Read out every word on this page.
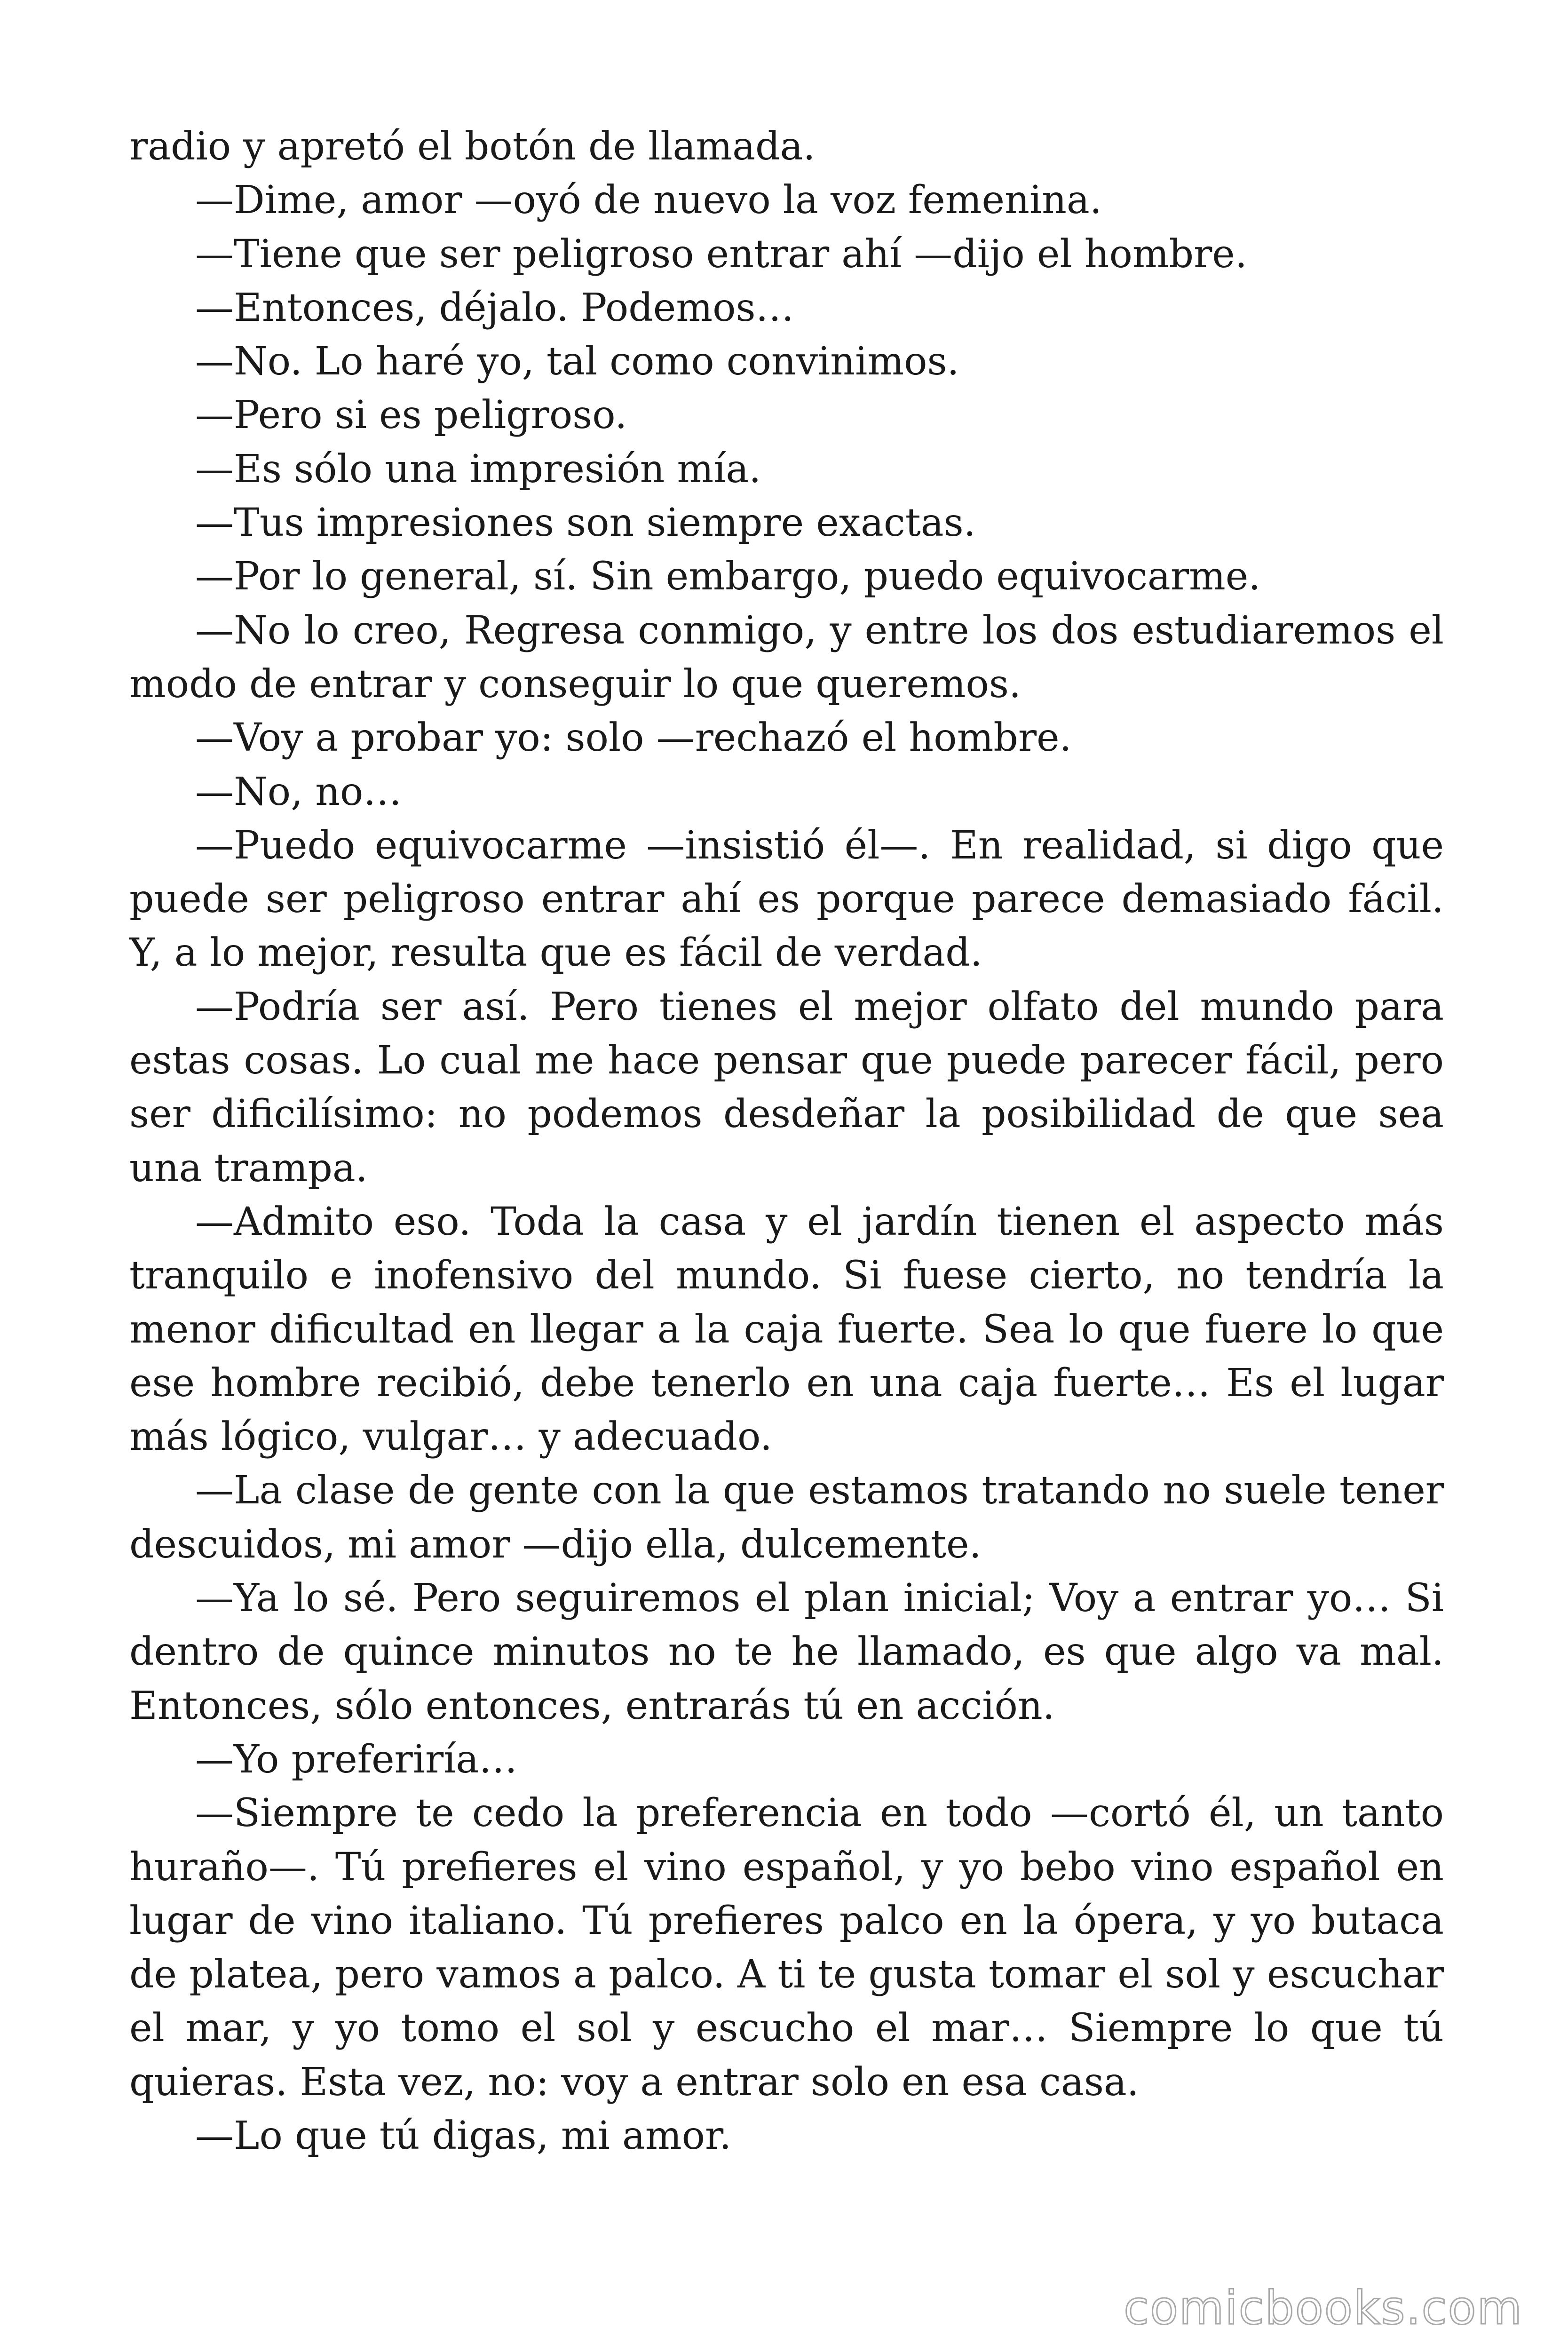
radio y apretó el botón de llamada.

—Dime, amor —oyó de nuevo la voz femenina.

—Tiene que ser peligroso entrar ahí —dijo el hombre.

—Entonces, déjalo. Podemos…

—No. Lo haré yo, tal como convinimos.

—Pero si es peligroso.

—Es sólo una impresión mía.

—Tus impresiones son siempre exactas.

—Por lo general, sí. Sin embargo, puedo equivocarme.

—No lo creo, Regresa conmigo, y entre los dos estudiaremos el modo de entrar y conseguir lo que queremos.

—Voy a probar yo: solo —rechazó el hombre.

—No, no…

—Puedo equivocarme —insistió él—. En realidad, si digo que puede ser peligroso entrar ahí es porque parece demasiado fácil. Y, a lo mejor, resulta que es fácil de verdad.

—Podría ser así. Pero tienes el mejor olfato del mundo para estas cosas. Lo cual me hace pensar que puede parecer fácil, pero ser dificilísimo: no podemos desdeñar la posibilidad de que sea una trampa.

—Admito eso. Toda la casa y el jardín tienen el aspecto más tranquilo e inofensivo del mundo. Si fuese cierto, no tendría la menor dificultad en llegar a la caja fuerte. Sea lo que fuere lo que ese hombre recibió, debe tenerlo en una caja fuerte… Es el lugar más lógico, vulgar… y adecuado.

—La clase de gente con la que estamos tratando no suele tener descuidos, mi amor —dijo ella, dulcemente.

—Ya lo sé. Pero seguiremos el plan inicial; Voy a entrar yo… Si dentro de quince minutos no te he llamado, es que algo va mal. Entonces, sólo entonces, entrarás tú en acción.

—Yo preferiría…

—Siempre te cedo la preferencia en todo —cortó él, un tanto huraño—. Tú prefieres el vino español, y yo bebo vino español en lugar de vino italiano. Tú prefieres palco en la ópera, y yo butaca de platea, pero vamos a palco. A ti te gusta tomar el sol y escuchar el mar, y yo tomo el sol y escucho el mar… Siempre lo que tú quieras. Esta vez, no: voy a entrar solo en esa casa.

—Lo que tú digas, mi amor.

comicbooks.com
